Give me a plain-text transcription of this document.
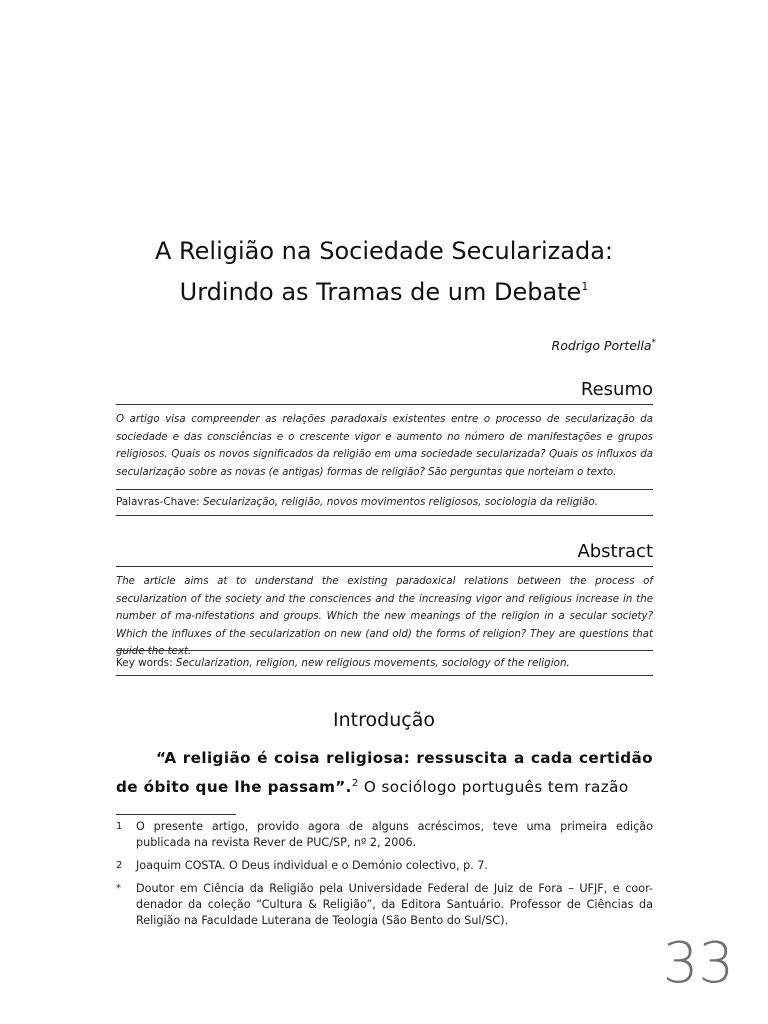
A Religião na Sociedade Secularizada:
Urdindo as Tramas de um Debate$^1$
Rodrigo Portella*
Resumo
O artigo visa compreender as relações paradoxais existentes entre o processo de secularização da sociedade e das consciências e o crescente vigor e aumento no número de manifestações e grupos religiosos. Quais os novos significados da religião em uma sociedade secularizada? Quais os influxos da secularização sobre as novas (e antigas) formas de religião? São perguntas que norteiam o texto.
Palavras-Chave: Secularização, religião, novos movimentos religiosos, sociologia da religião.
Abstract
The article aims at to understand the existing paradoxical relations between the process of secularization of the society and the consciences and the increasing vigor and religious increase in the number of ma-nifestations and groups. Which the new meanings of the religion in a secular society? Which the influxes of the secularization on new (and old) the forms of religion? They are questions that guide the text.
Key words: Secularization, religion, new religious movements, sociology of the religion.
Introdução
“A religião é coisa religiosa: ressuscita a cada certidão de óbito que lhe passam”.$^2$ O sociólogo português tem razão
1 O presente artigo, provido agora de alguns acréscimos, teve uma primeira edição publicada na revista Rever de PUC/SP, nº 2, 2006.
2 Joaquim COSTA. O Deus individual e o Demónio colectivo, p. 7.
* Doutor em Ciência da Religião pela Universidade Federal de Juiz de Fora – UFJF, e coor-denador da coleção “Cultura & Religião”, da Editora Santuário. Professor de Ciências da Religião na Faculdade Luterana de Teologia (São Bento do Sul/SC).
33
